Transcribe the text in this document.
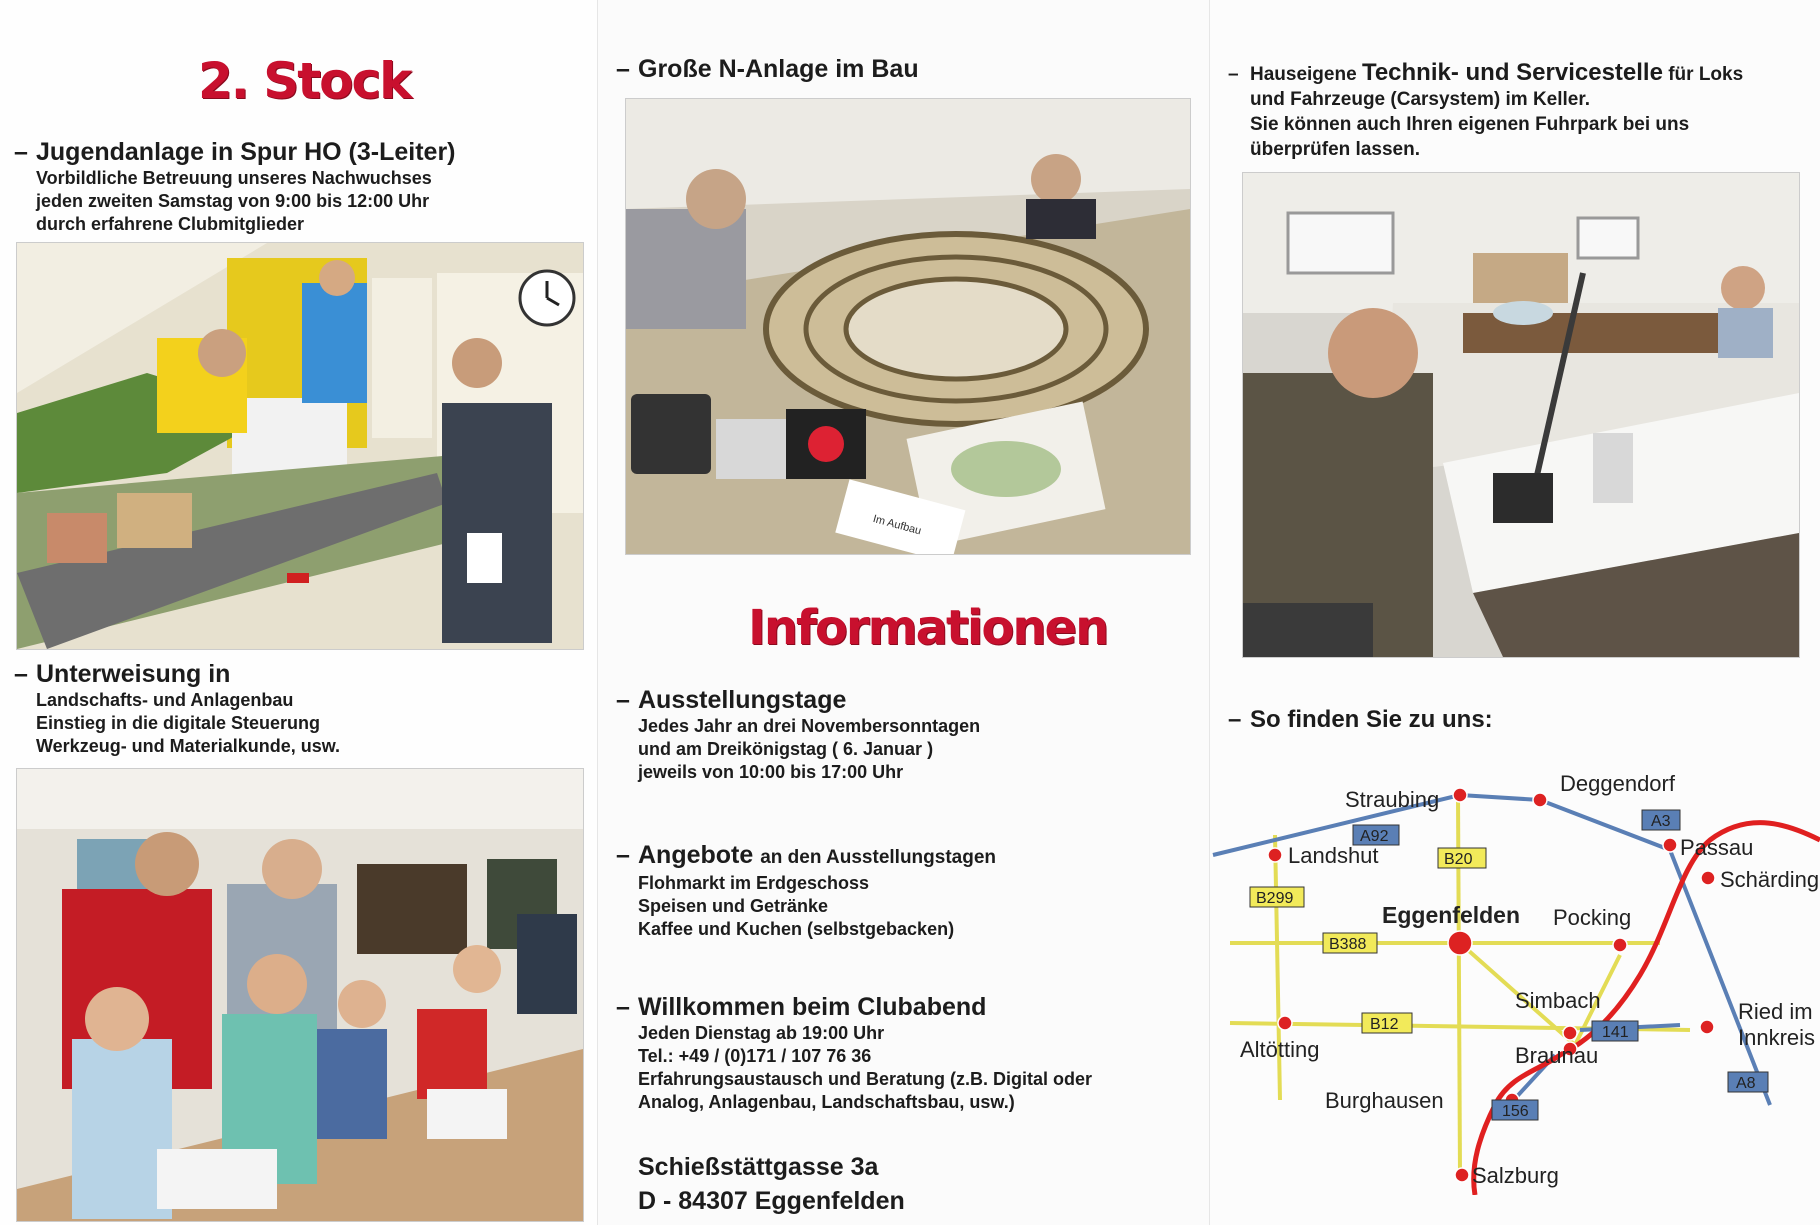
2. Stock
– Jugendanlage in Spur HO (3-Leiter)
Vorbildliche Betreuung unseres Nachwuchses
jeden zweiten Samstag von 9:00 bis 12:00 Uhr
durch erfahrene Clubmitglieder
– Unterweisung in
Landschafts- und Anlagenbau
Einstieg in die digitale Steuerung
Werkzeug- und Materialkunde, usw.
– Große N-Anlage im Bau
Im Aufbau
Informationen
– Ausstellungstage
Jedes Jahr an drei Novembersonntagen
und am Dreikönigstag ( 6. Januar )
jeweils von 10:00 bis 17:00 Uhr
– Angebote an den Ausstellungstagen
Flohmarkt im Erdgeschoss
Speisen und Getränke
Kaffee und Kuchen (selbstgebacken)
– Willkommen beim Clubabend
Jeden Dienstag ab 19:00 Uhr
Tel.: +49 / (0)171 / 107 76 36
Erfahrungsaustausch und Beratung (z.B. Digital oder
Analog, Anlagenbau, Landschaftsbau, usw.)
Schießstättgasse 3a
D - 84307 Eggenfelden
– Hauseigene Technik- und Servicestelle für Loks
und Fahrzeuge (Carsystem) im Keller.
Sie können auch Ihren eigenen Fuhrpark bei uns
überprüfen lassen.
– So finden Sie zu uns:
A92
A3
B20
B299
B388
B12	141
156
A8
Straubing
Deggendorf
Landshut	Passau
Schärding
Eggenfelden Pocking
Simbach
Braunau
Altötting
Ried im
Innkreis
Burghausen
Salzburg
